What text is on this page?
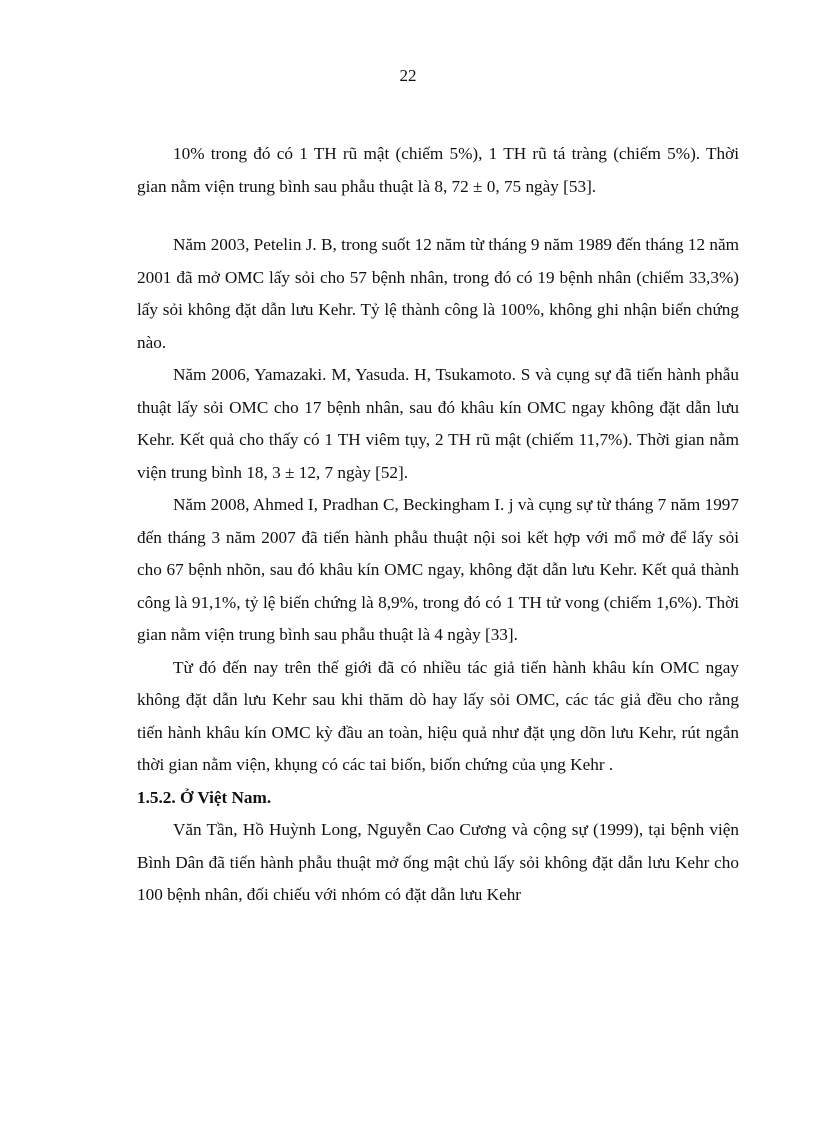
22

10% trong đó có 1 TH rũ mật (chiếm 5%), 1 TH rũ tá tràng (chiếm 5%). Thời gian nằm viện trung bình sau phẫu thuật là 8, 72 ± 0, 75 ngày [53].

Năm 2003, Petelin J. B, trong suốt 12 năm từ tháng 9 năm 1989 đến tháng 12 năm 2001 đã mở OMC lấy sỏi cho 57 bệnh nhân, trong đó có 19 bệnh nhân (chiếm 33,3%) lấy sỏi không đặt dẫn lưu Kehr. Tỷ lệ thành công là 100%, không ghi nhận biến chứng nào.

Năm 2006, Yamazaki. M, Yasuda. H, Tsukamoto. S và cụng sự đã tiến hành phẫu thuật lấy sỏi OMC cho 17 bệnh nhân, sau đó khâu kín OMC ngay không đặt dẫn lưu Kehr. Kết quả cho thấy có 1 TH viêm tụy, 2 TH rũ mật (chiếm 11,7%). Thời gian nằm viện trung bình 18, 3 ± 12, 7 ngày [52].

Năm 2008, Ahmed I, Pradhan C, Beckingham I. j và cụng sự từ tháng 7 năm 1997 đến tháng 3 năm 2007 đã tiến hành phẫu thuật nội soi kết hợp với mổ mở để lấy sỏi cho 67 bệnh nhõn, sau đó khâu kín OMC ngay, không đặt dẫn lưu Kehr. Kết quả thành công là 91,1%, tỷ lệ biến chứng là 8,9%, trong đó có 1 TH tử vong (chiếm 1,6%). Thời gian nằm viện trung bình sau phẫu thuật là 4 ngày [33].

Từ đó đến nay trên thế giới đã có nhiều tác giả tiến hành khâu kín OMC ngay không đặt dẫn lưu Kehr sau khi thăm dò hay lấy sỏi OMC, các tác giả đều cho rằng tiến hành khâu kín OMC kỳ đầu an toàn, hiệu quả như đặt ụng dõn lưu Kehr, rút ngắn thời gian nằm viện, khụng có các tai biốn, biốn chứng của ụng Kehr .

1.5.2. Ở Việt Nam.

Văn Tần, Hồ Huỳnh Long, Nguyễn Cao Cương và cộng sự (1999), tại bệnh viện Bình Dân đã tiến hành phẫu thuật mở ống mật chủ lấy sỏi không đặt dẫn lưu Kehr cho 100 bệnh nhân, đối chiếu với nhóm có đặt dẫn lưu Kehr
